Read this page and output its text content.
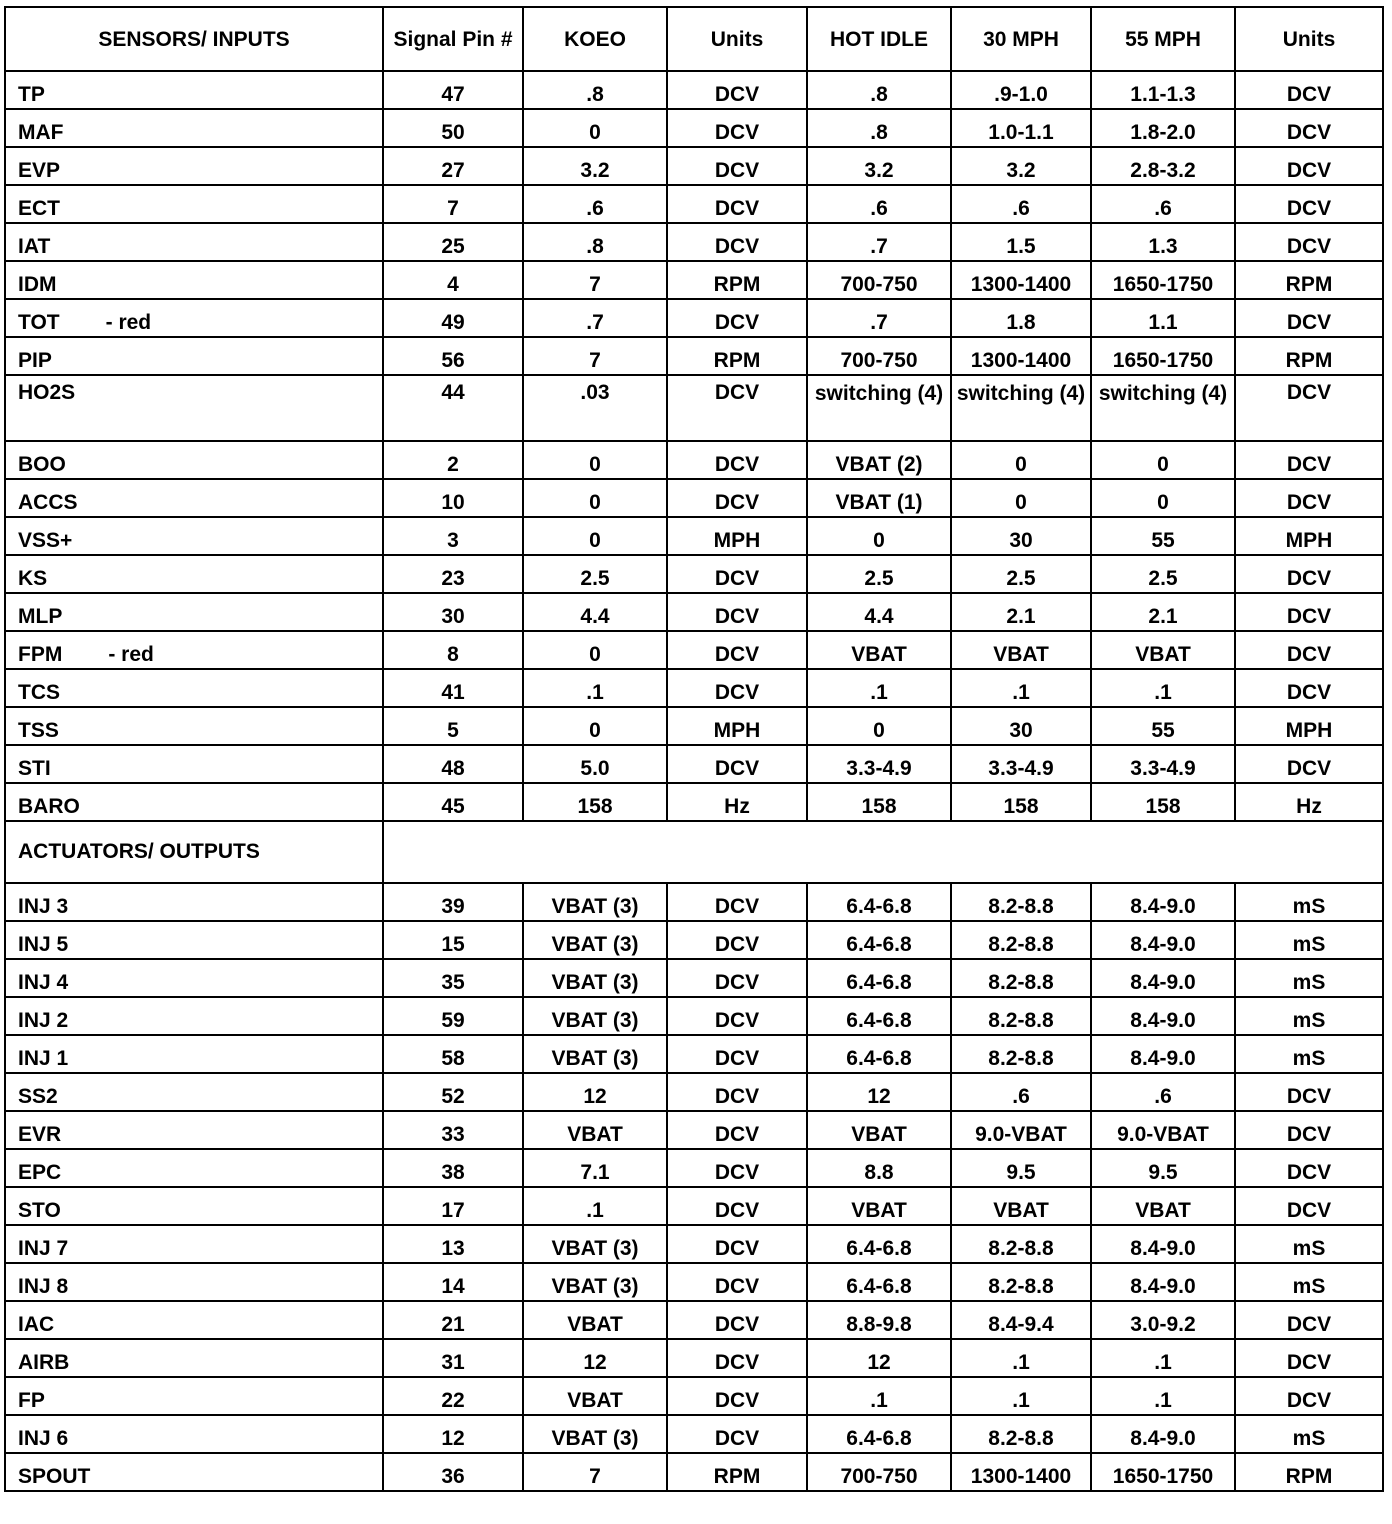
SENSORS/ INPUTS	Signal Pin #	KOEO	Units	HOT IDLE	30 MPH	55 MPH	Units
TP	47	.8	DCV	.8	.9-1.0	1.1-1.3	DCV
MAF	50	0	DCV	.8	1.0-1.1	1.8-2.0	DCV
EVP	27	3.2	DCV	3.2	3.2	2.8-3.2	DCV
ECT	7	.6	DCV	.6	.6	.6	DCV
IAT	25	.8	DCV	.7	1.5	1.3	DCV
IDM	4	7	RPM	700-750	1300-1400	1650-1750	RPM
TOT - red	49	.7	DCV	.7	1.8	1.1	DCV
PIP	56	7	RPM	700-750	1300-1400	1650-1750	RPM
HO2S	44	.03	DCV	switching (4)	switching (4)	switching (4)	DCV
BOO	2	0	DCV	VBAT (2)	0	0	DCV
ACCS	10	0	DCV	VBAT (1)	0	0	DCV
VSS+	3	0	MPH	0	30	55	MPH
KS	23	2.5	DCV	2.5	2.5	2.5	DCV
MLP	30	4.4	DCV	4.4	2.1	2.1	DCV
FPM - red	8	0	DCV	VBAT	VBAT	VBAT	DCV
TCS	41	.1	DCV	.1	.1	.1	DCV
TSS	5	0	MPH	0	30	55	MPH
STI	48	5.0	DCV	3.3-4.9	3.3-4.9	3.3-4.9	DCV
BARO	45	158	Hz	158	158	158	Hz
ACTUATORS/ OUTPUTS							
INJ 3	39	VBAT (3)	DCV	6.4-6.8	8.2-8.8	8.4-9.0	mS
INJ 5	15	VBAT (3)	DCV	6.4-6.8	8.2-8.8	8.4-9.0	mS
INJ 4	35	VBAT (3)	DCV	6.4-6.8	8.2-8.8	8.4-9.0	mS
INJ 2	59	VBAT (3)	DCV	6.4-6.8	8.2-8.8	8.4-9.0	mS
INJ 1	58	VBAT (3)	DCV	6.4-6.8	8.2-8.8	8.4-9.0	mS
SS2	52	12	DCV	12	.6	.6	DCV
EVR	33	VBAT	DCV	VBAT	9.0-VBAT	9.0-VBAT	DCV
EPC	38	7.1	DCV	8.8	9.5	9.5	DCV
STO	17	.1	DCV	VBAT	VBAT	VBAT	DCV
INJ 7	13	VBAT (3)	DCV	6.4-6.8	8.2-8.8	8.4-9.0	mS
INJ 8	14	VBAT (3)	DCV	6.4-6.8	8.2-8.8	8.4-9.0	mS
IAC	21	VBAT	DCV	8.8-9.8	8.4-9.4	3.0-9.2	DCV
AIRB	31	12	DCV	12	.1	.1	DCV
FP	22	VBAT	DCV	.1	.1	.1	DCV
INJ 6	12	VBAT (3)	DCV	6.4-6.8	8.2-8.8	8.4-9.0	mS
SPOUT	36	7	RPM	700-750	1300-1400	1650-1750	RPM
